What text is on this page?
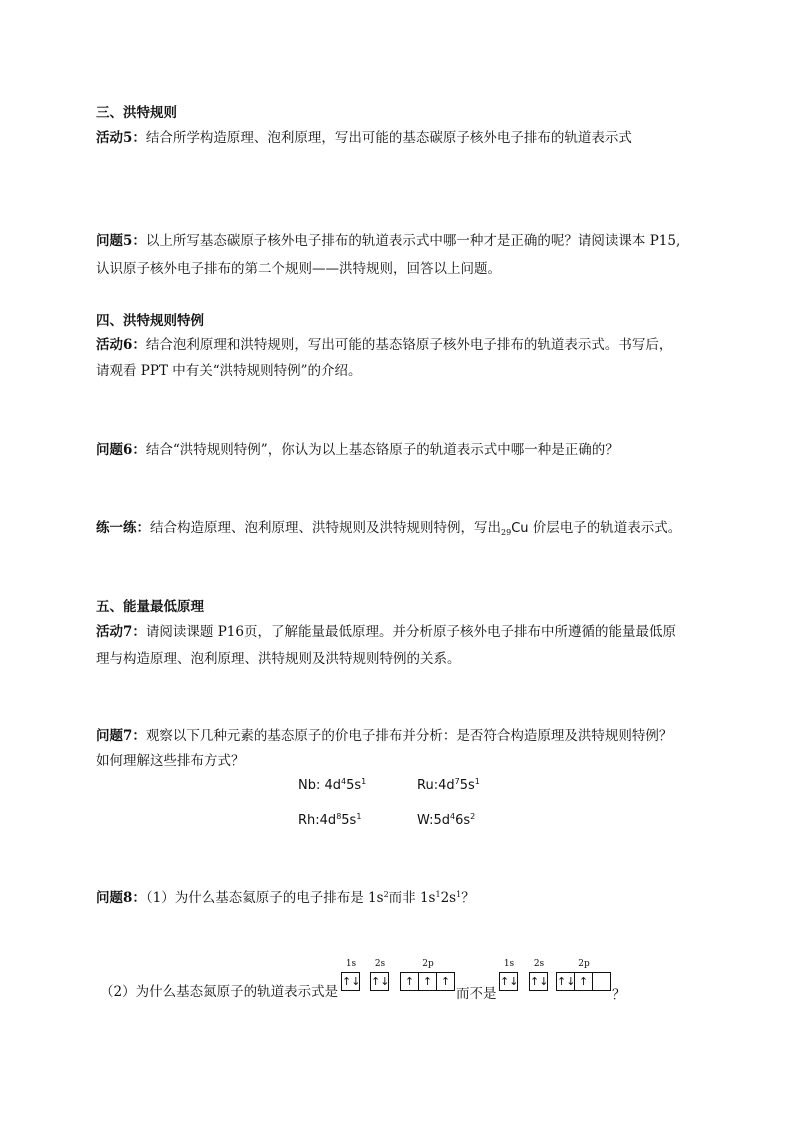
三、洪特规则
活动5：结合所学构造原理、泡利原理，写出可能的基态碳原子核外电子排布的轨道表示式
问题5：以上所写基态碳原子核外电子排布的轨道表示式中哪一种才是正确的呢？请阅读课本 P15,
认识原子核外电子排布的第二个规则——洪特规则，回答以上问题。
四、洪特规则特例
活动6：结合泡利原理和洪特规则，写出可能的基态铬原子核外电子排布的轨道表示式。书写后，
请观看 PPT 中有关“洪特规则特例”的介绍。
问题6：结合“洪特规则特例”，你认为以上基态铬原子的轨道表示式中哪一种是正确的？
练一练：结合构造原理、泡利原理、洪特规则及洪特规则特例，写出$_{29}$Cu 价层电子的轨道表示式。
五、能量最低原理
活动7：请阅读课题 P16页，了解能量最低原理。并分析原子核外电子排布中所遵循的能量最低原
理与构造原理、泡利原理、洪特规则及洪特规则特例的关系。
问题7：观察以下几种元素的基态原子的价电子排布并分析：是否符合构造原理及洪特规则特例？
如何理解这些排布方式？
Nb: $4d^45s^1$	$Ru:4d^75s^1$
$Rh:4d^85s^1$	$W:5d^46s^2$
问题8：（1）为什么基态氦原子的电子排布是 $1s^2$而非 $1s^12s^1$？
（2）为什么基态氮原子的轨道表示式是
1s
↑↓
2s
↑↓
2p
↑ ↑ ↑
而不是
1s
↑↓
2s
↑↓
2p
↑↓ ↑
？
